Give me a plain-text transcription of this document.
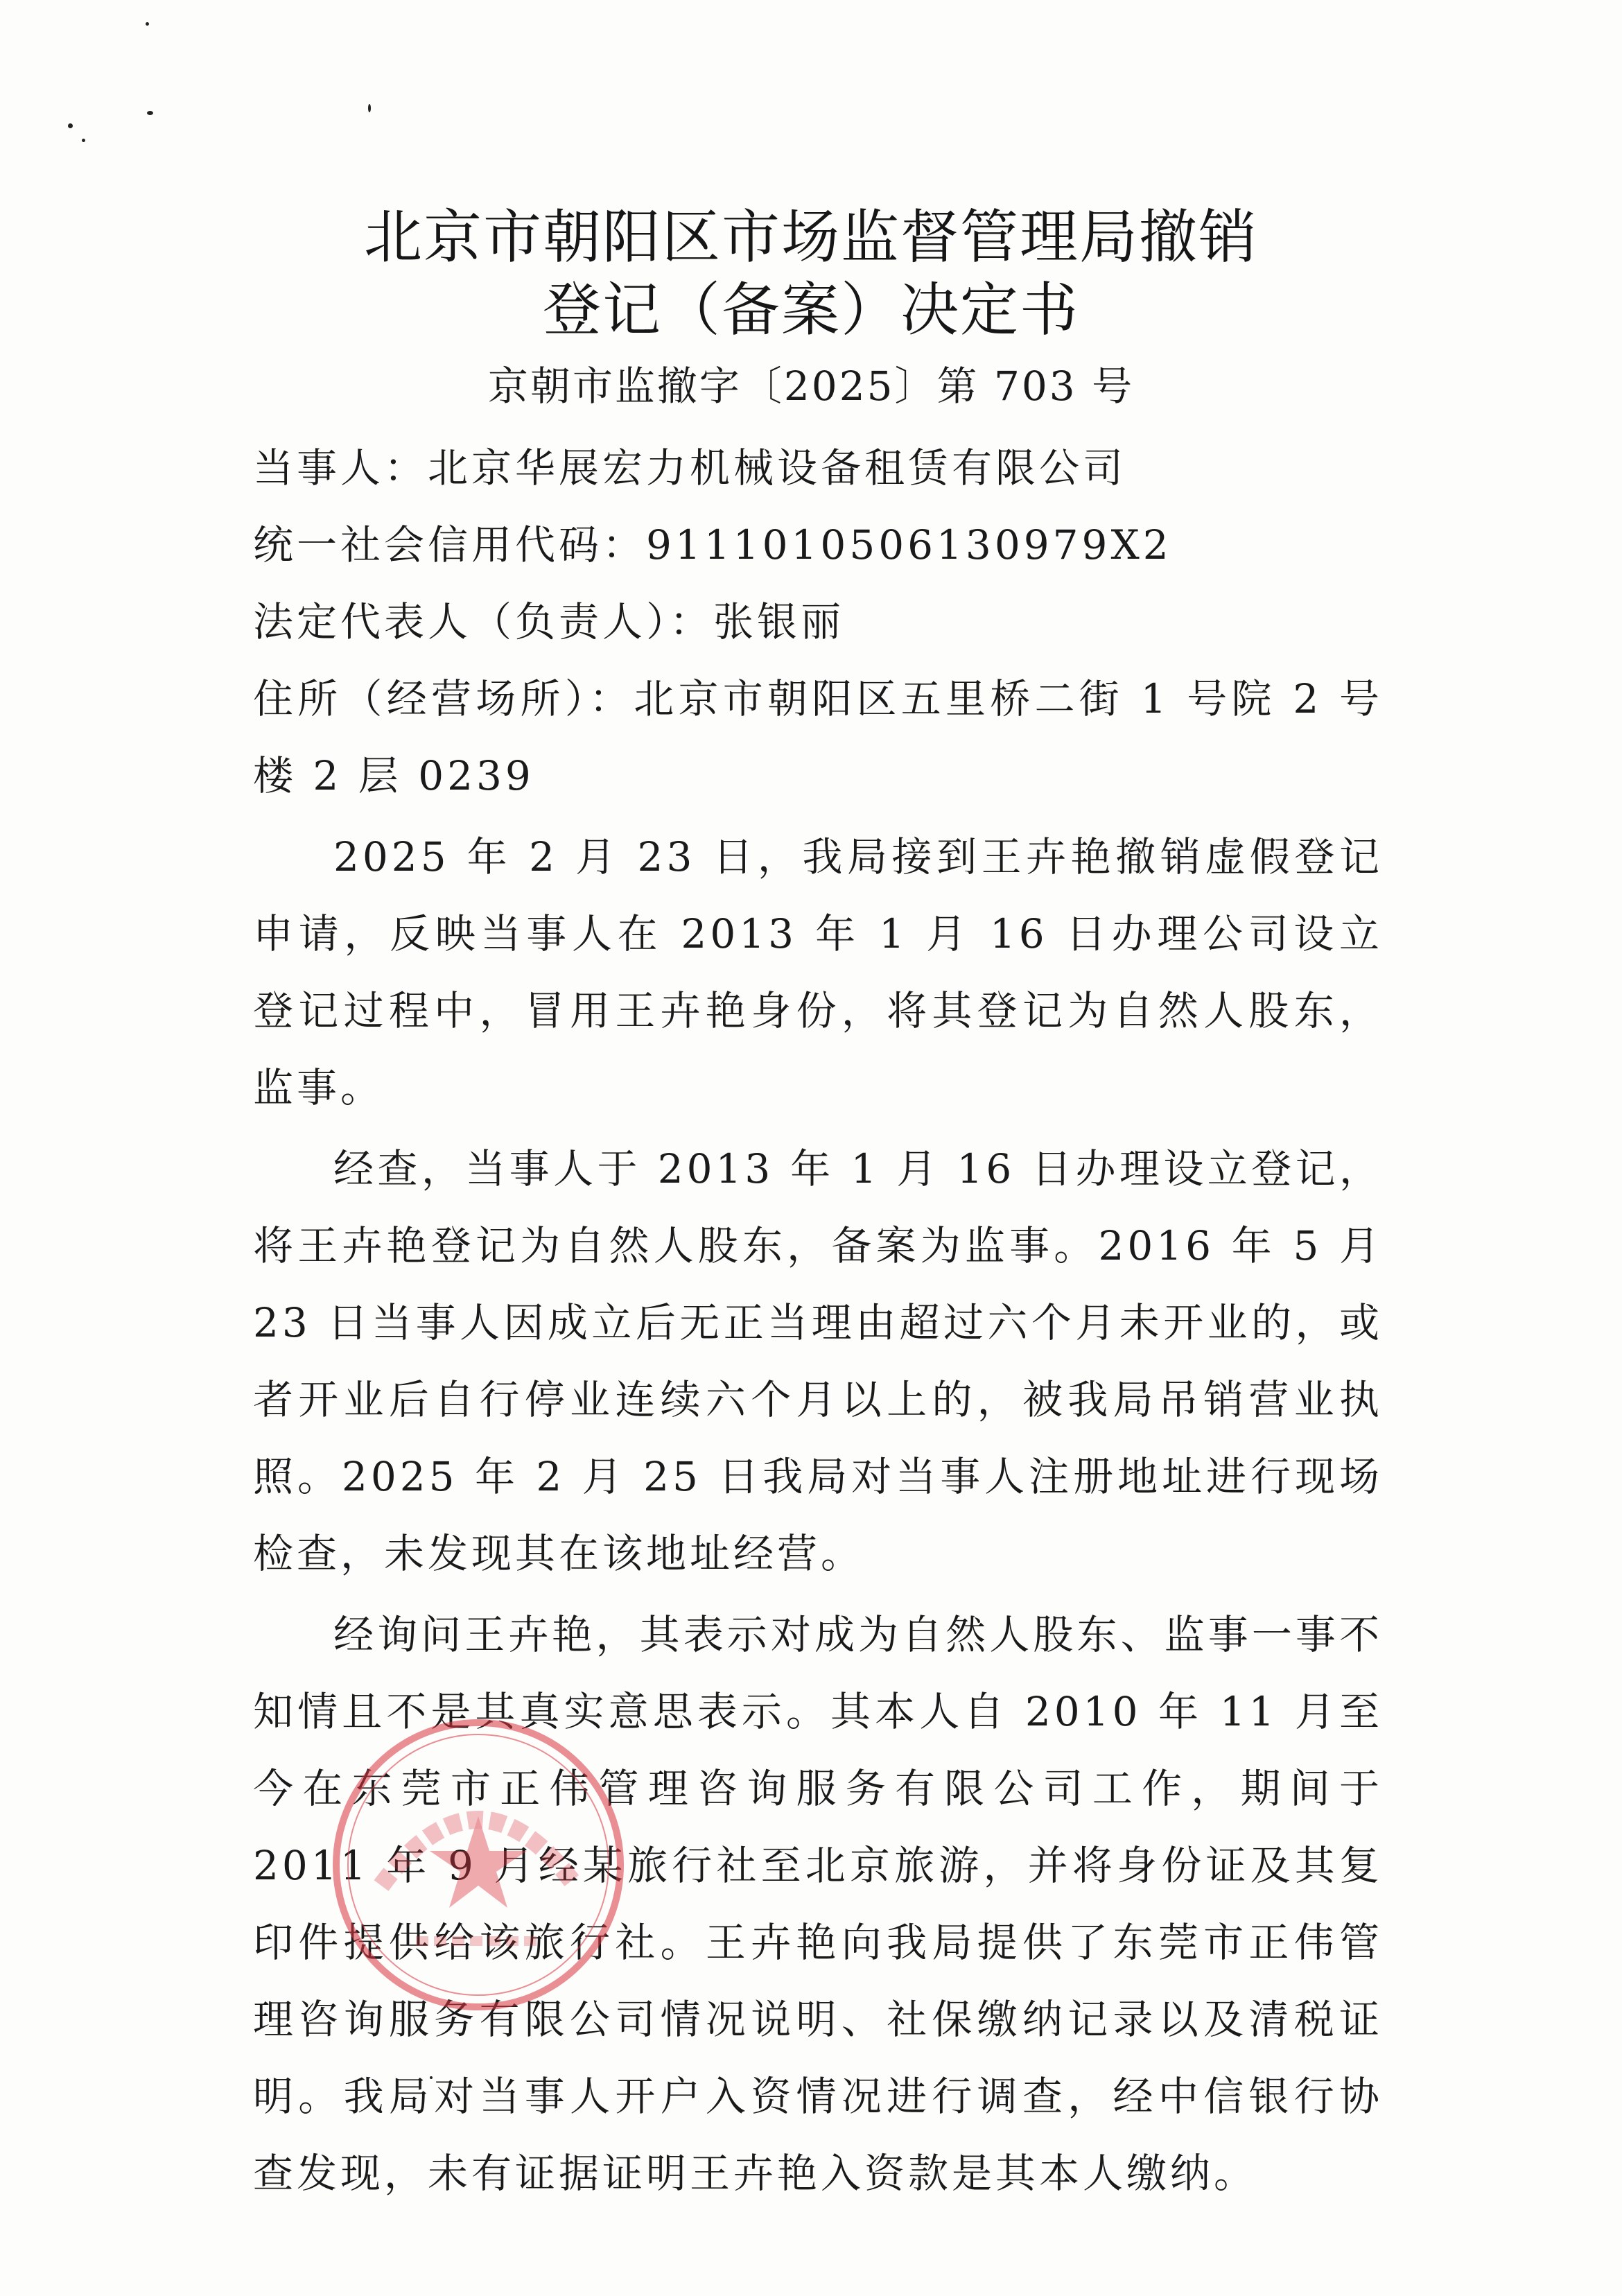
北京市朝阳区市场监督管理局撤销
登记（备案）决定书
京朝市监撤字〔2025〕第 703 号

当事人：北京华展宏力机械设备租赁有限公司

统一社会信用代码：9111010506130979X2

法定代表人（负责人）：张银丽

住所（经营场所）：北京市朝阳区五里桥二街 1 号院 2 号楼 2 层 0239

2025 年 2 月 23 日，我局接到王卉艳撤销虚假登记申请，反映当事人在 2013 年 1 月 16 日办理公司设立登记过程中，冒用王卉艳身份，将其登记为自然人股东，监事。

经查，当事人于 2013 年 1 月 16 日办理设立登记，将王卉艳登记为自然人股东，备案为监事。2016 年 5 月 23 日当事人因成立后无正当理由超过六个月未开业的，或者开业后自行停业连续六个月以上的，被我局吊销营业执照。2025 年 2 月 25 日我局对当事人注册地址进行现场检查，未发现其在该地址经营。

经询问王卉艳，其表示对成为自然人股东、监事一事不知情且不是其真实意思表示。其本人自 2010 年 11 月至今在东莞市正伟管理咨询服务有限公司工作，期间于 2011 年 9 月经某旅行社至北京旅游，并将身份证及其复印件提供给该旅行社。王卉艳向我局提供了东莞市正伟管理咨询服务有限公司情况说明、社保缴纳记录以及清税证明。我局对当事人开户入资情况进行调查，经中信银行协查发现，未有证据证明王卉艳入资款是其本人缴纳。
